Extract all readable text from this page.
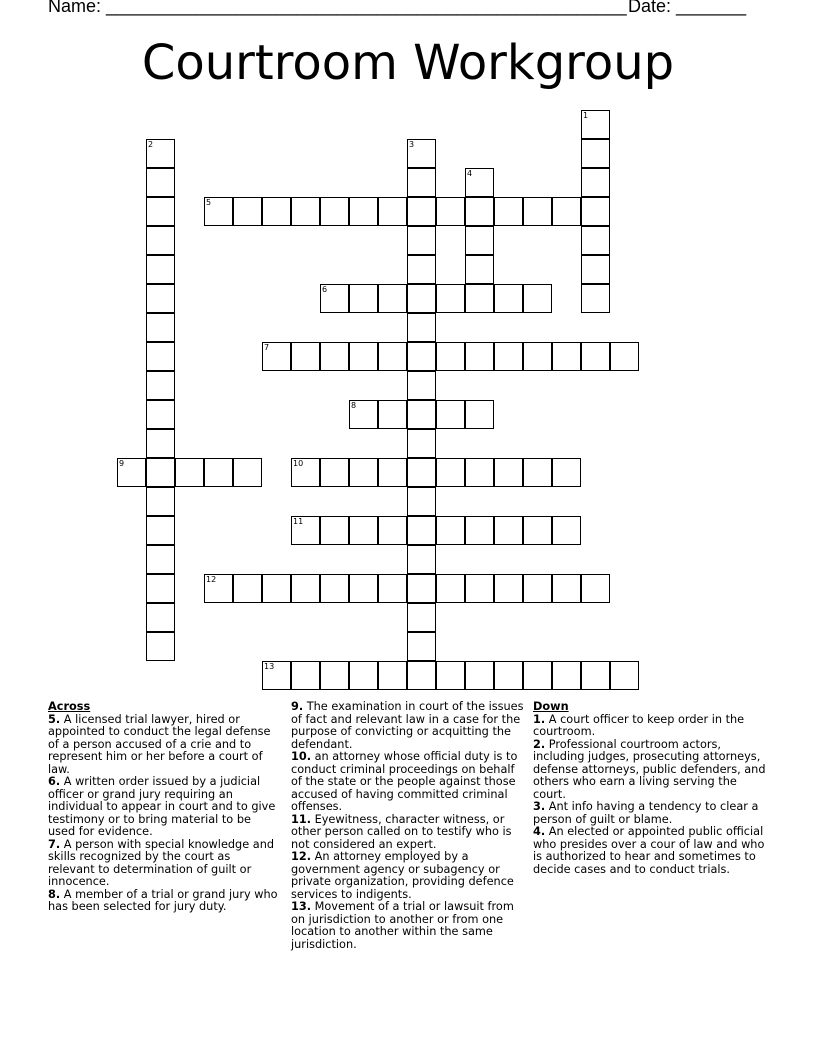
Name: ____________________________________________________ Date: _______
Courtroom Workgroup
1
2	3
4
5
6
7
8
9	10
11
12
13
Across
5. A licensed trial lawyer, hired or appointed to conduct the legal defense of a person accused of a crie and to represent him or her before a court of law.
6. A written order issued by a judicial officer or grand jury requiring an individual to appear in court and to give testimony or to bring material to be used for evidence.
7. A person with special knowledge and skills recognized by the court as relevant to determination of guilt or innocence.
8. A member of a trial or grand jury who has been selected for jury duty.
9. The examination in court of the issues of fact and relevant law in a case for the purpose of convicting or acquitting the defendant.
10. an attorney whose official duty is to conduct criminal proceedings on behalf of the state or the people against those accused of having committed criminal offenses.
11. Eyewitness, character witness, or other person called on to testify who is not considered an expert.
12. An attorney employed by a government agency or subagency or private organization, providing defence services to indigents.
13. Movement of a trial or lawsuit from on jurisdiction to another or from one location to another within the same jurisdiction.
Down
1. A court officer to keep order in the courtroom.
2. Professional courtroom actors, including judges, prosecuting attorneys, defense attorneys, public defenders, and others who earn a living serving the court.
3. Ant info having a tendency to clear a person of guilt or blame.
4. An elected or appointed public official who presides over a cour of law and who is authorized to hear and sometimes to decide cases and to conduct trials.
